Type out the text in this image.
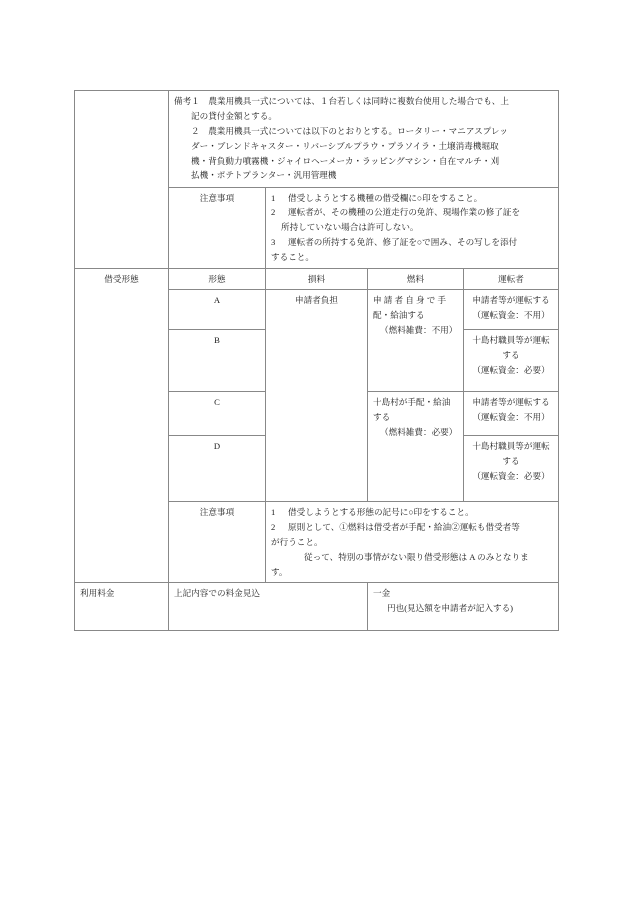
備考１　農業用機具一式については、１台若しくは同時に複数台使用した場合でも、上
記の貸付金額とする。
２　農業用機具一式については以下のとおりとする。ロータリー・マニアスプレッ
ダー・ブレンドキャスター・リバーシブルプラウ・プラソイラ・土壌消毒機堀取
機・背負動力噴霧機・ジャイロヘーメーカ・ラッピングマシン・自在マルチ・刈
払機・ポテトプランター・汎用管理機

注意事項	1 借受しようとする機種の借受欄に○印をすること。
2 運転者が、その機種の公道走行の免許、現場作業の修了証を
所持していない場合は許可しない。
3 運転者の所持する免許、修了証を○で囲み、その写しを添付
すること。

借受形態	形態	損料	燃料	運転者
	A	申請者負担	申 請 者 自 身 で 手
配・給油する
（燃料雑費：不用）	申請者等が運転する
（運転資金：不用）

	B			十島村職員等が運転
する
（運転資金：必要）

	C		十島村が手配・給油
する
（燃料雑費：必要）	申請者等が運転する
（運転資金：不用）

	D			十島村職員等が運転
する
（運転資金：必要）

注意事項	1 借受しようとする形態の記号に○印をすること。
2 原則として、①燃料は借受者が手配・給油②運転も借受者等
が行うこと。
従って、特別の事情がない限り借受形態は A のみとなりま
す。

利用料金	上記内容での料金見込		一金
円也(見込額を申請者が記入する)	
